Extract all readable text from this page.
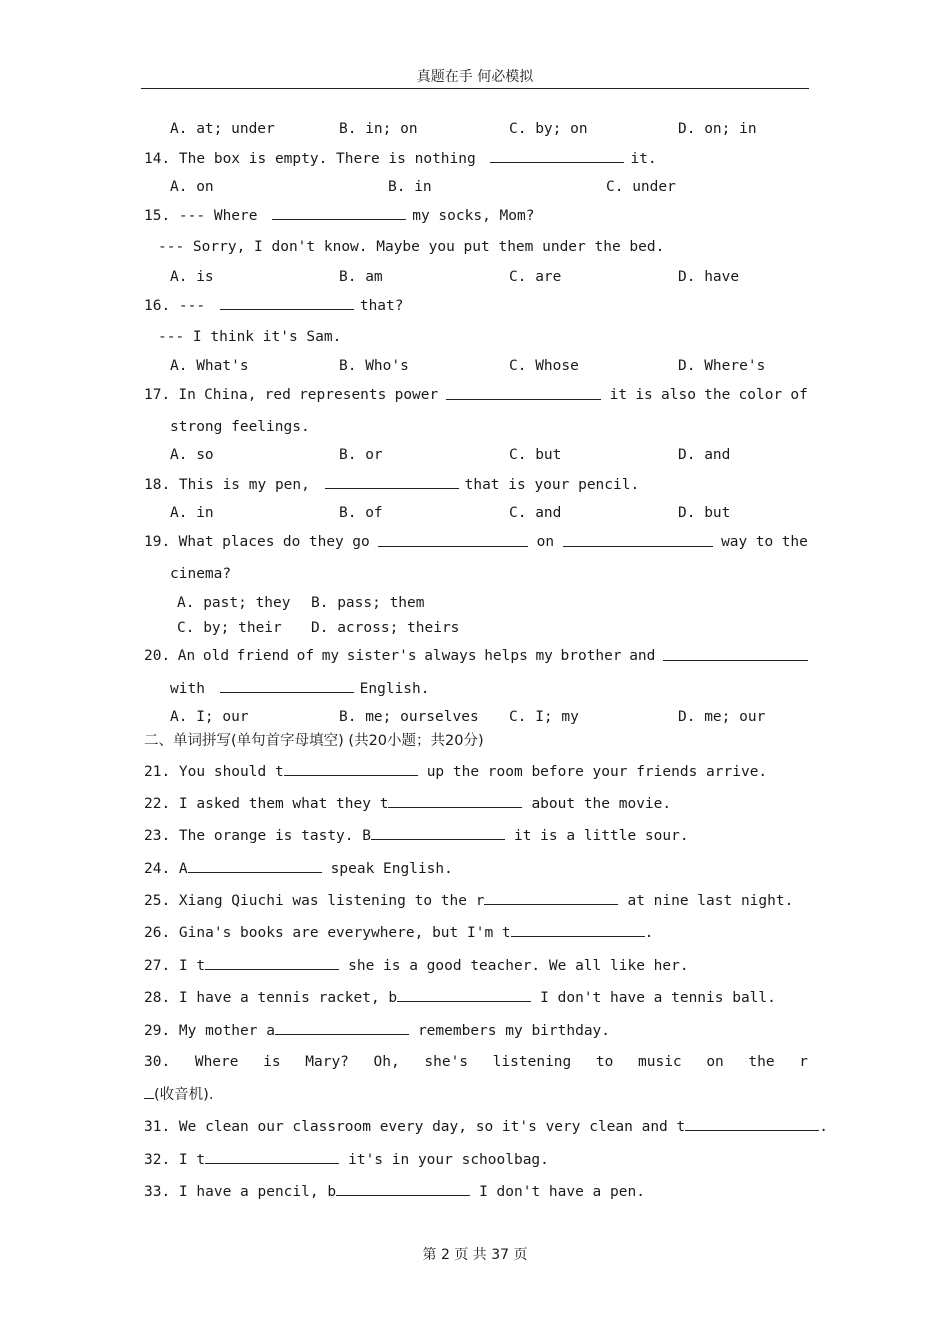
真题在手 何必模拟
A. at; under	B. in; on	C. by; on	D. on; in
14. The box is empty. There is nothing	it.
A. on	B. in	C. under
15. --- Where	my socks, Mom?
--- Sorry, I don't know. Maybe you put them under the bed.
A. is	B. am	C. are	D. have
16. ---	that?
--- I think it's Sam.
A. What's	B. Who's	C. Whose	D. Where's
17. In China, red represents power	it is also the color of
strong feelings.
A. so	B. or	C. but	D. and
18. This is my pen,	that is your pencil.
A. in	B. of	C. and	D. but
19. What places do they go	on	way to the
cinema?
A. past; they B. pass; them
C. by; their D. across; theirs
20. An old friend of my sister's always helps my brother and
with	English.
A. I; our	B. me; ourselves C. I; my	D. me; our
二、单词拼写(单句首字母填空) (共20小题；共20分)
21. You should t	up the room before your friends arrive.
22. I asked them what they t	about the movie.
23. The orange is tasty. B	it is a little sour.
24. A	speak English.
25. Xiang Qiuchi was listening to the r	at nine last night.
26. Gina's books are everywhere, but I'm t	.
27. I t	she is a good teacher. We all like her.
28. I have a tennis racket, b	I don't have a tennis ball.
29. My mother a	remembers my birthday.
30. Where is Mary? Oh, she's listening to music on the r
(收音机).
31. We clean our classroom every day, so it's very clean and t	.
32. I t	it's in your schoolbag.
33. I have a pencil, b	I don't have a pen.
第 2 页 共 37 页
